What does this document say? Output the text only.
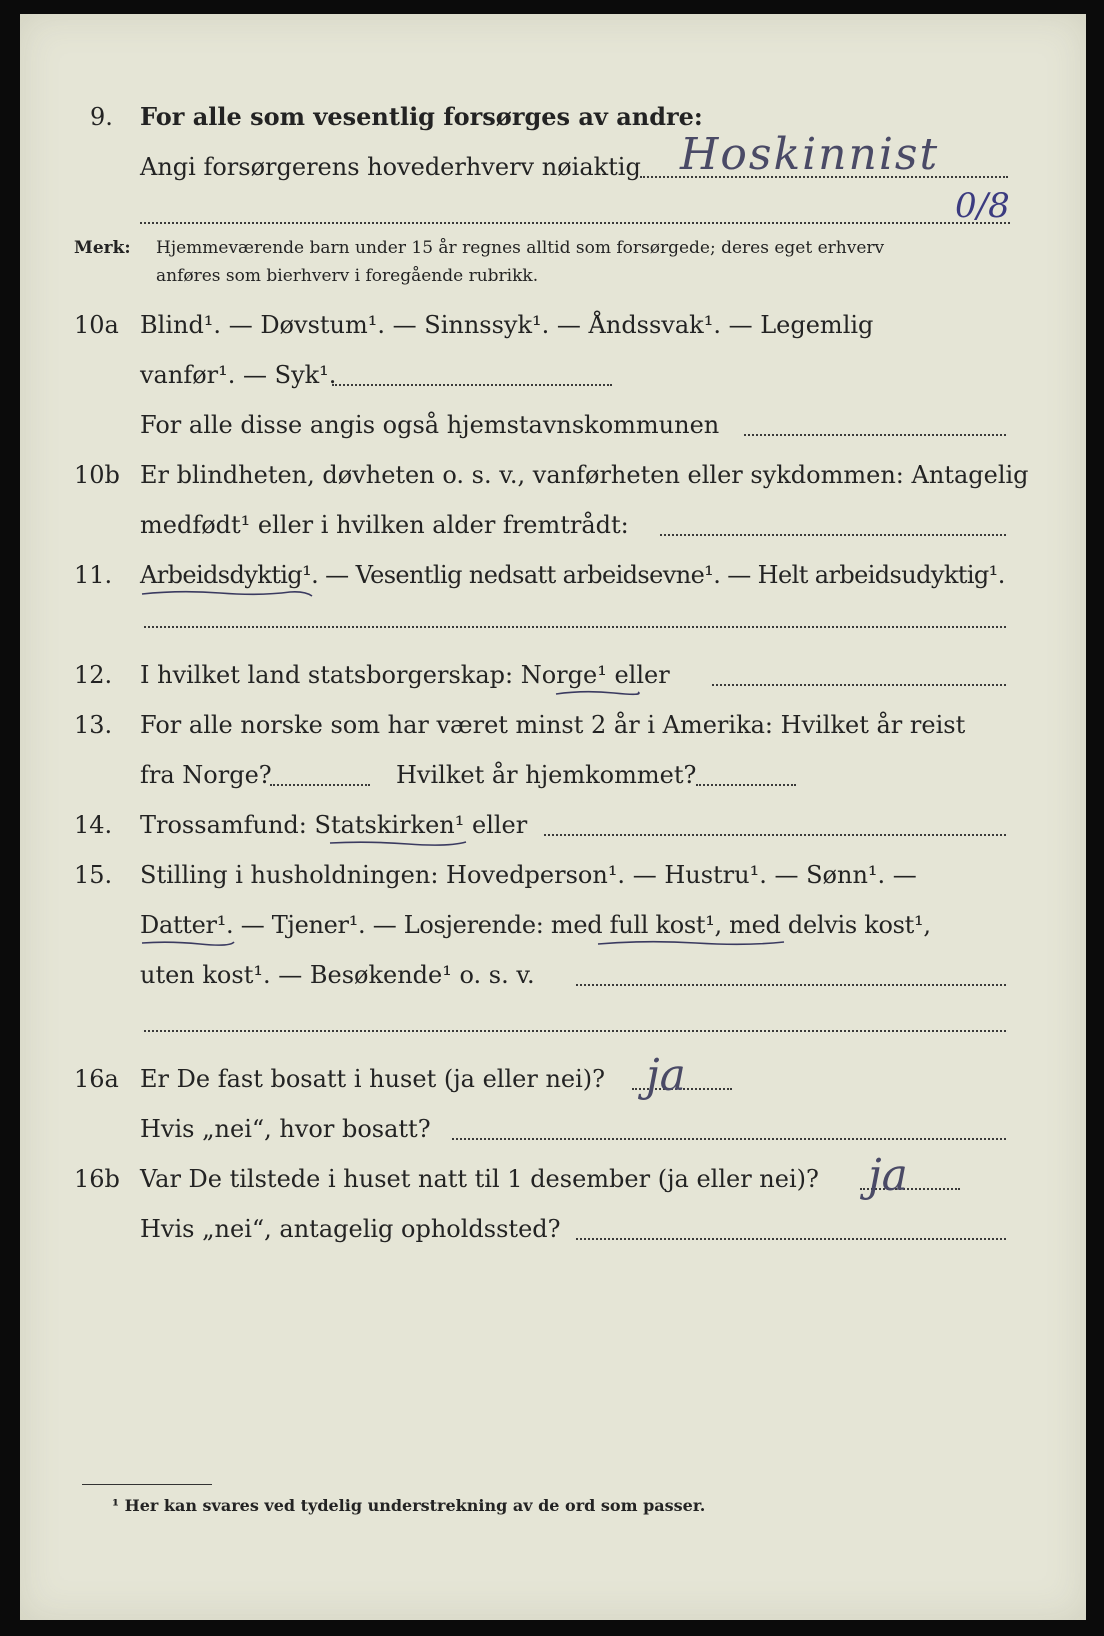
9. For alle som vesentlig forsørges av andre:
Angi forsørgerens hovederhverv nøiaktig Hoskinnist
0/8
Merk: Hjemmeværende barn under 15 år regnes alltid som forsørgede; deres eget erhverv
anføres som bierhverv i foregående rubrikk.
10a Blind¹. — Døvstum¹. — Sinnssyk¹. — Åndssvak¹. — Legemlig
vanfør¹. — Syk¹.
For alle disse angis også hjemstavnskommunen
10b Er blindheten, døvheten o. s. v., vanførheten eller sykdommen: Antagelig
medfødt¹ eller i hvilken alder fremtrådt:
11. Arbeidsdyktig¹. — Vesentlig nedsatt arbeidsevne¹. — Helt arbeidsudyktig¹.
12. I hvilket land statsborgerskap: Norge¹ eller
13. For alle norske som har været minst 2 år i Amerika: Hvilket år reist
fra Norge?	Hvilket år hjemkommet?
14. Trossamfund: Statskirken¹ eller
15. Stilling i husholdningen: Hovedperson¹. — Hustru¹. — Sønn¹. —
Datter¹. — Tjener¹. — Losjerende: med full kost¹, med delvis kost¹,
uten kost¹. — Besøkende¹ o. s. v.
16a Er De fast bosatt i huset (ja eller nei)? ja
Hvis „nei“, hvor bosatt?
16b Var De tilstede i huset natt til 1 desember (ja eller nei)? ja
Hvis „nei“, antagelig opholdssted?
¹ Her kan svares ved tydelig understrekning av de ord som passer.
